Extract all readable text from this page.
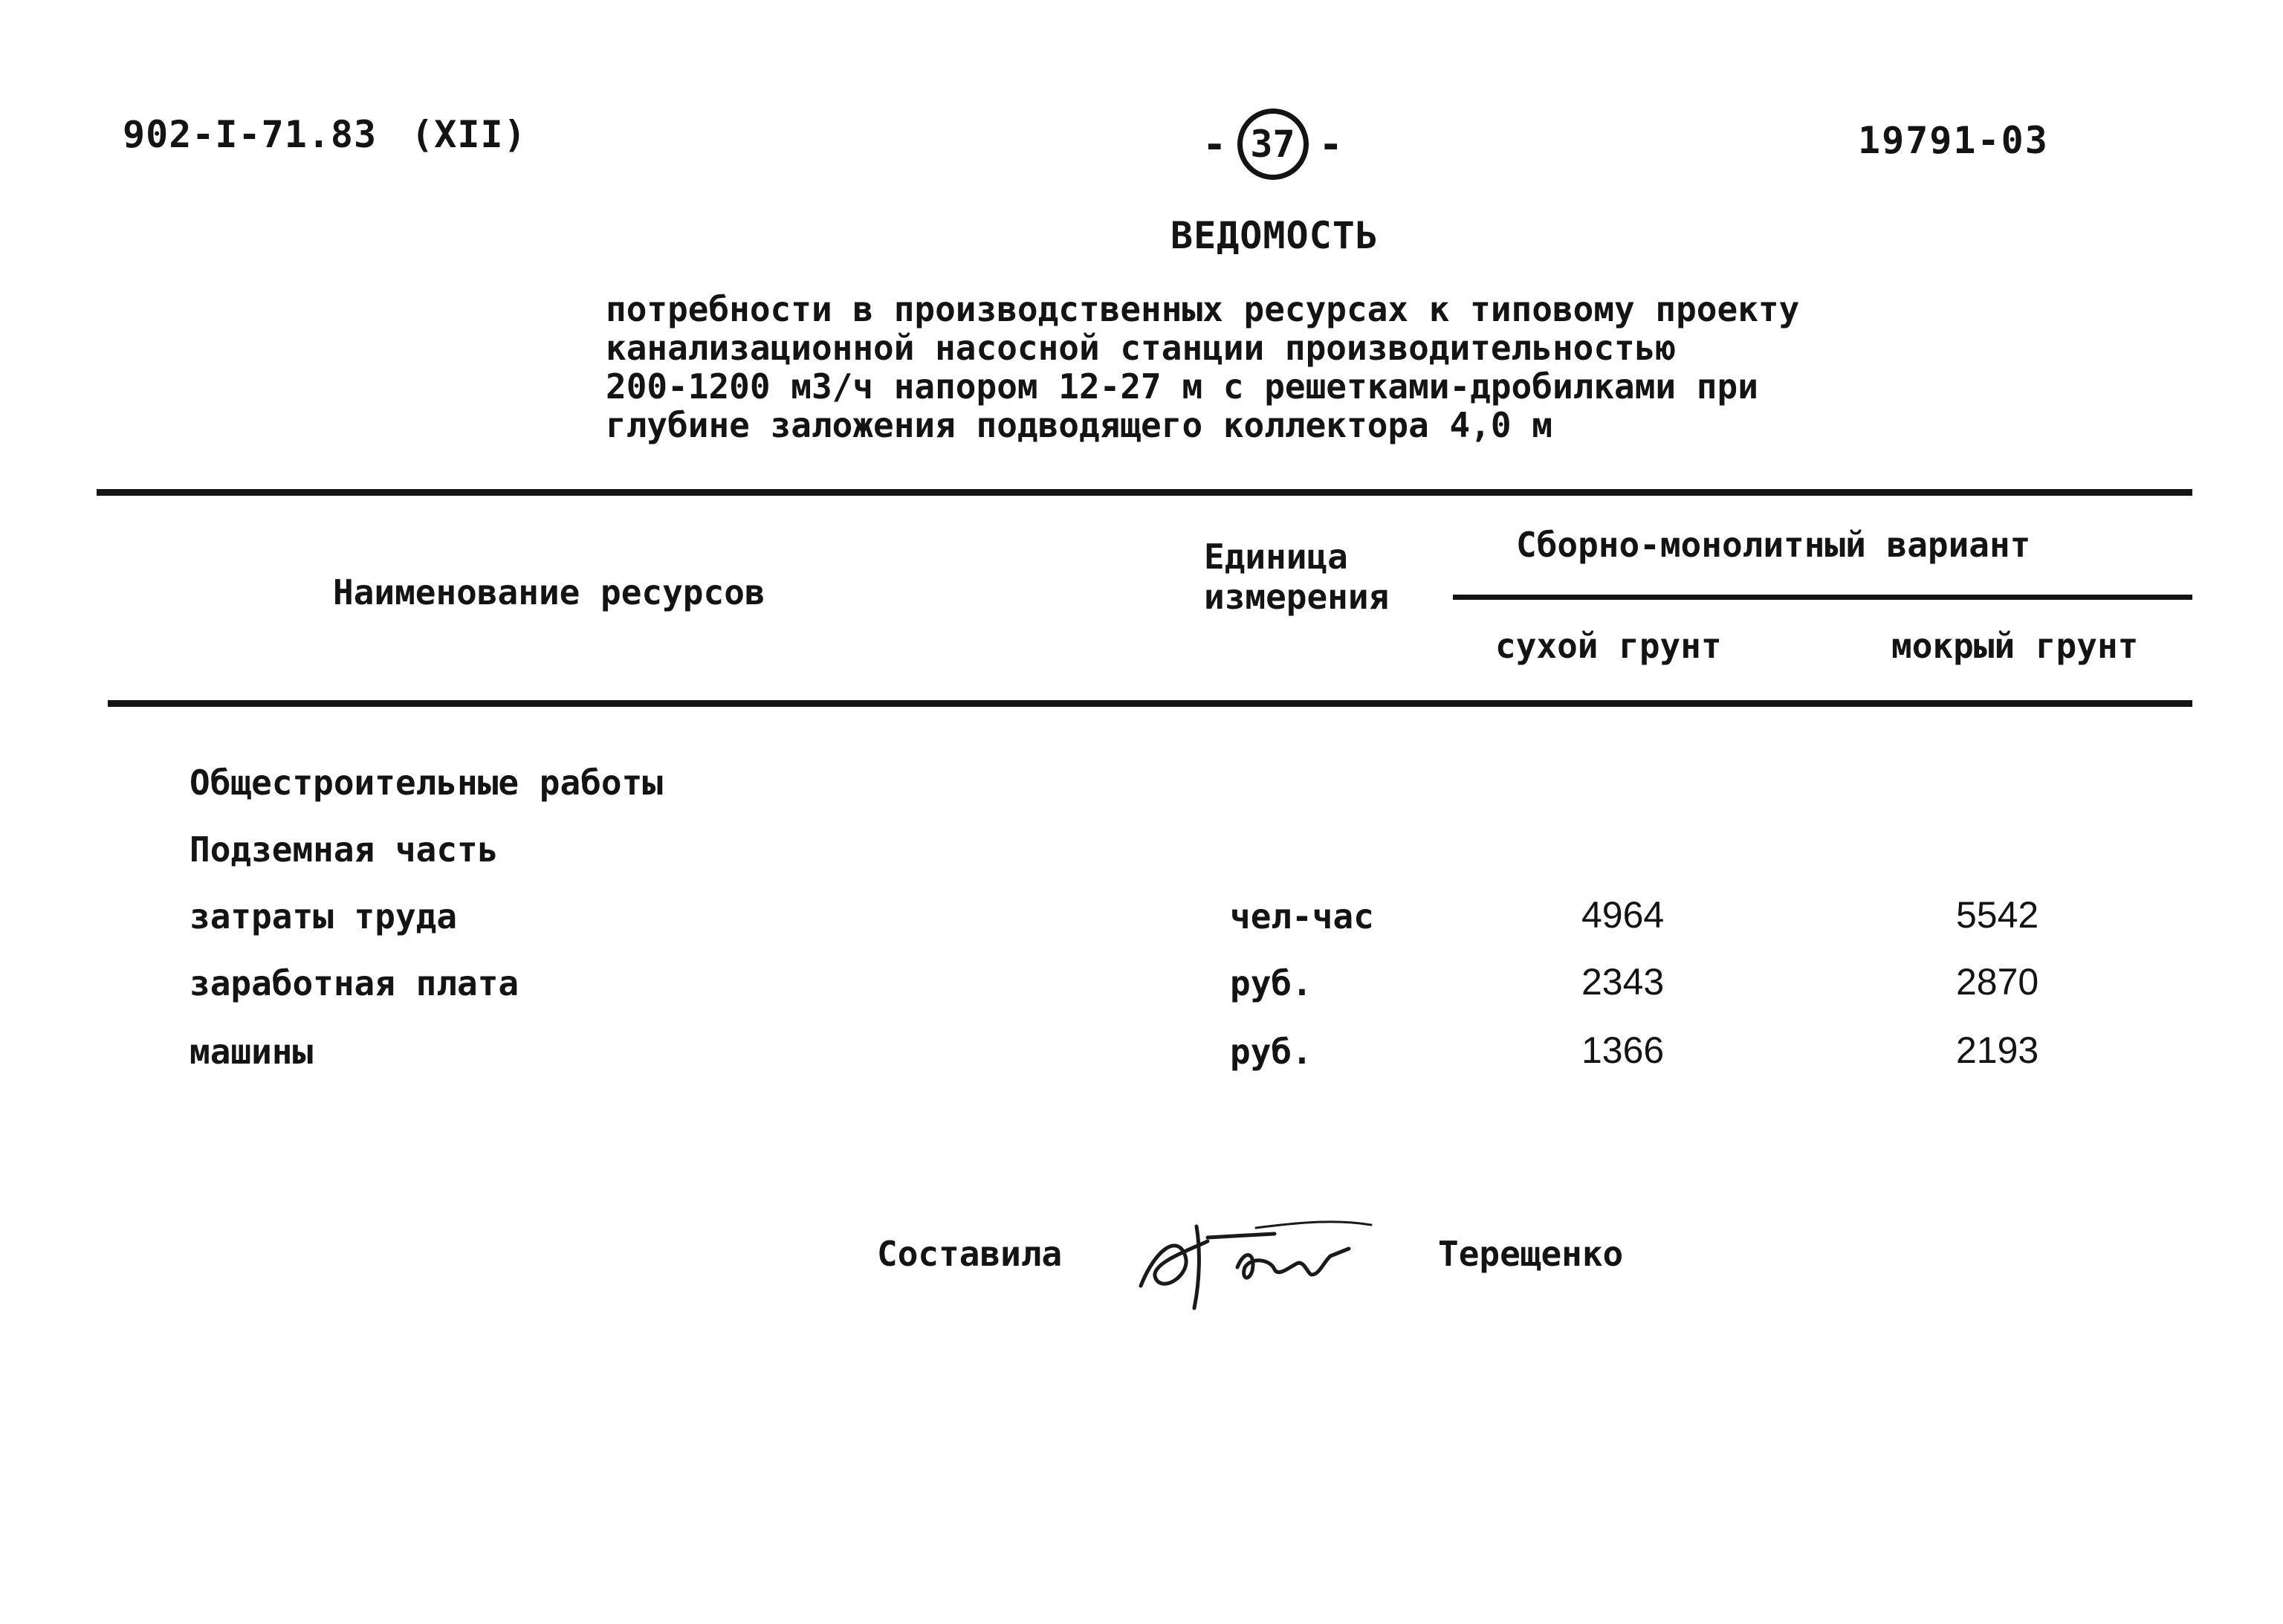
902-I-71.83 (XII)	- 37 -	19791-03
ВЕДОМОСТЬ
потребности в производственных ресурсах к типовому проекту
канализационной насосной станции производительностью
200-1200 м3/ч напором 12-27 м с решетками-дробилками при
глубине заложения подводящего коллектора 4,0 м
Наименование ресурсов
Единица
измерения
Сборно-монолитный вариант
сухой грунт	мокрый грунт
Общестроительные работы
Подземная часть
затраты труда	чел-час	4964	5542
заработная плата	руб.	2343	2870
машины	руб.	1366	2193
Составила	Терещенко
